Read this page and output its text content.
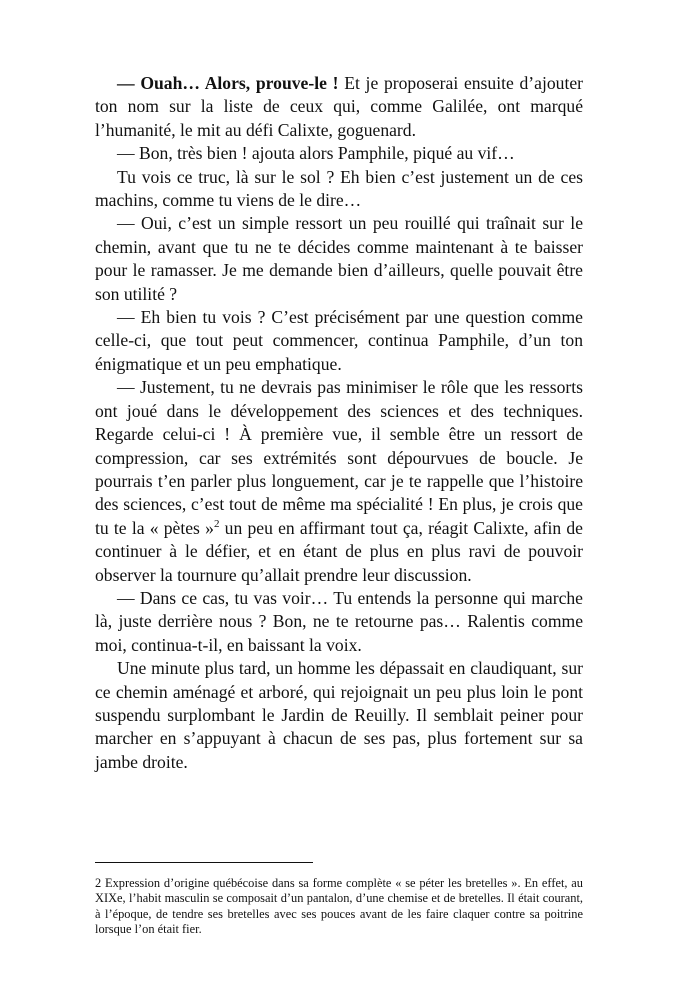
— Ouah… Alors, prouve-le ! Et je proposerai ensuite d’ajouter ton nom sur la liste de ceux qui, comme Galilée, ont marqué l’humanité, le mit au défi Calixte, goguenard.

— Bon, très bien ! ajouta alors Pamphile, piqué au vif…

Tu vois ce truc, là sur le sol ? Eh bien c’est justement un de ces machins, comme tu viens de le dire…

— Oui, c’est un simple ressort un peu rouillé qui traînait sur le chemin, avant que tu ne te décides comme maintenant à te baisser pour le ramasser. Je me demande bien d’ailleurs, quelle pouvait être son utilité ?

— Eh bien tu vois ? C’est précisément par une question comme celle-ci, que tout peut commencer, continua Pamphile, d’un ton énigmatique et un peu emphatique.

— Justement, tu ne devrais pas minimiser le rôle que les ressorts ont joué dans le développement des sciences et des techniques. Regarde celui-ci ! À première vue, il semble être un ressort de compression, car ses extrémités sont dépourvues de boucle. Je pourrais t’en parler plus longuement, car je te rappelle que l’histoire des sciences, c’est tout de même ma spécialité ! En plus, je crois que tu te la « pètes »$^2$ un peu en affirmant tout ça, réagit Calixte, afin de continuer à le défier, et en étant de plus en plus ravi de pouvoir observer la tournure qu’allait prendre leur discussion.

— Dans ce cas, tu vas voir… Tu entends la personne qui marche là, juste derrière nous ? Bon, ne te retourne pas… Ralentis comme moi, continua-t-il, en baissant la voix.

Une minute plus tard, un homme les dépassait en claudiquant, sur ce chemin aménagé et arboré, qui rejoignait un peu plus loin le pont suspendu surplombant le Jardin de Reuilly. Il semblait peiner pour marcher en s’appuyant à chacun de ses pas, plus fortement sur sa jambe droite.

2 Expression d’origine québécoise dans sa forme complète « se péter les bretelles ». En effet, au XIXe, l’habit masculin se composait d’un pantalon, d’une chemise et de bretelles. Il était courant, à l’époque, de tendre ses bretelles avec ses pouces avant de les faire claquer contre sa poitrine lorsque l’on était fier.
